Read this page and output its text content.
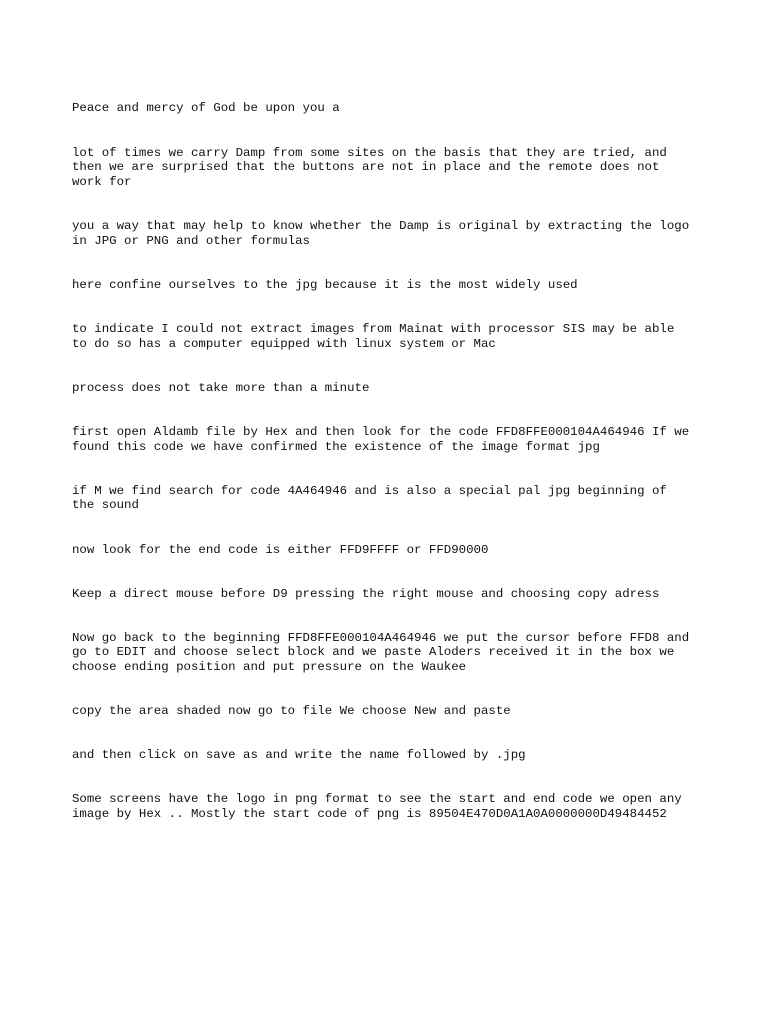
Peace and mercy of God be upon you a

lot of times we carry Damp from some sites on the basis that they are tried, and
then we are surprised that the buttons are not in place and the remote does not
work for

you a way that may help to know whether the Damp is original by extracting the logo
in JPG or PNG and other formulas

here confine ourselves to the jpg because it is the most widely used

to indicate I could not extract images from Mainat with processor SIS may be able
to do so has a computer equipped with linux system or Mac

process does not take more than a minute

first open Aldamb file by Hex and then look for the code FFD8FFE000104A464946 If we
found this code we have confirmed the existence of the image format jpg

if M we find search for code 4A464946 and is also a special pal jpg beginning of
the sound

now look for the end code is either FFD9FFFF or FFD90000

Keep a direct mouse before D9 pressing the right mouse and choosing copy adress

Now go back to the beginning FFD8FFE000104A464946 we put the cursor before FFD8 and
go to EDIT and choose select block and we paste Aloders received it in the box we
choose ending position and put pressure on the Waukee

copy the area shaded now go to file We choose New and paste

and then click on save as and write the name followed by .jpg

Some screens have the logo in png format to see the start and end code we open any
image by Hex .. Mostly the start code of png is 89504E470D0A1A0A0000000D49484452
